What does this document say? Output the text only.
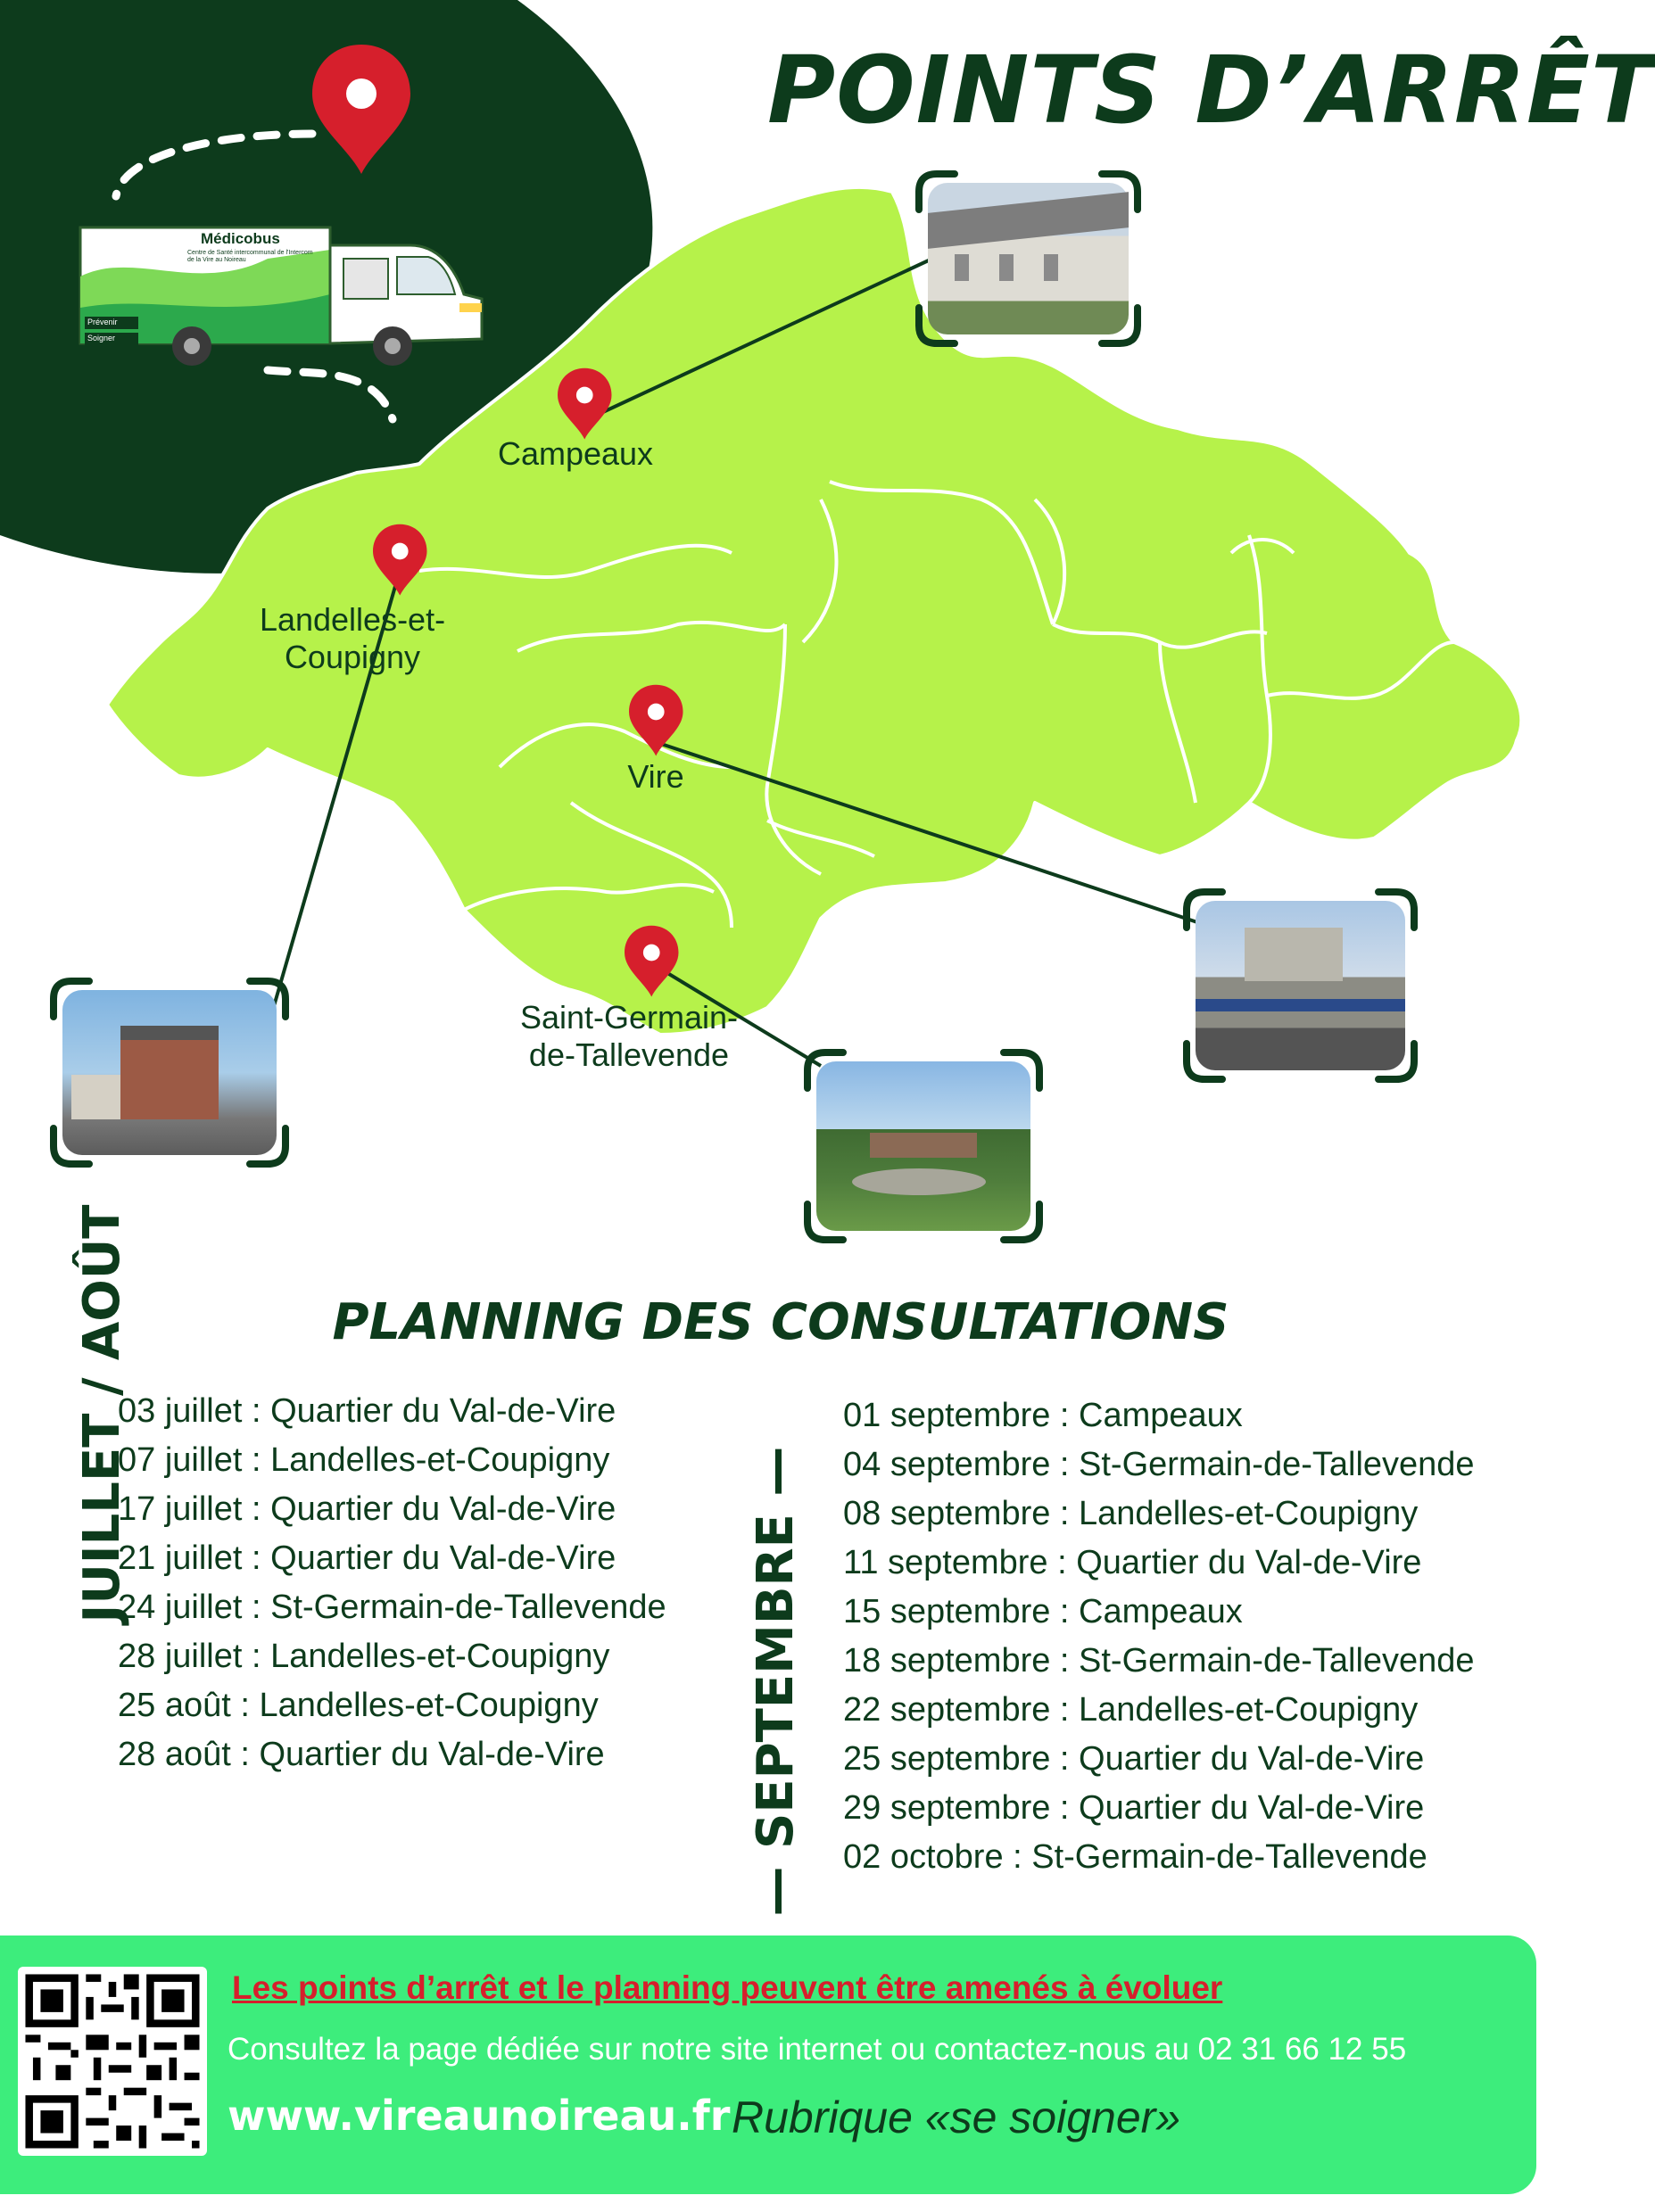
Médicobus
Centre de Santé intercommunal de l'Intercom de la Vire au Noireau
Prévenir
Soigner
POINTS D’ARRÊT
Campeaux
Landelles-et-
Coupigny
Vire
Saint-Germain-
de-Tallevende
PLANNING DES CONSULTATIONS
JUILLET / AOÛT
03 juillet : Quartier du Val-de-Vire
07 juillet : Landelles-et-Coupigny
17 juillet : Quartier du Val-de-Vire
21 juillet : Quartier du Val-de-Vire
24 juillet : St-Germain-de-Tallevende
28 juillet : Landelles-et-Coupigny
25 août : Landelles-et-Coupigny
28 août : Quartier du Val-de-Vire	— SEPTEMBRE —
01 septembre : Campeaux
04 septembre : St-Germain-de-Tallevende
08 septembre : Landelles-et-Coupigny
11 septembre : Quartier du Val-de-Vire
15 septembre : Campeaux
18 septembre : St-Germain-de-Tallevende
22 septembre : Landelles-et-Coupigny
25 septembre : Quartier du Val-de-Vire
29 septembre : Quartier du Val-de-Vire
02 octobre : St-Germain-de-Tallevende
Les points d’arrêt et le planning peuvent être amenés à évoluer
Consultez la page dédiée sur notre site internet ou contactez-nous au 02 31 66 12 55
www.vireaunoireau.fr Rubrique «se soigner»
